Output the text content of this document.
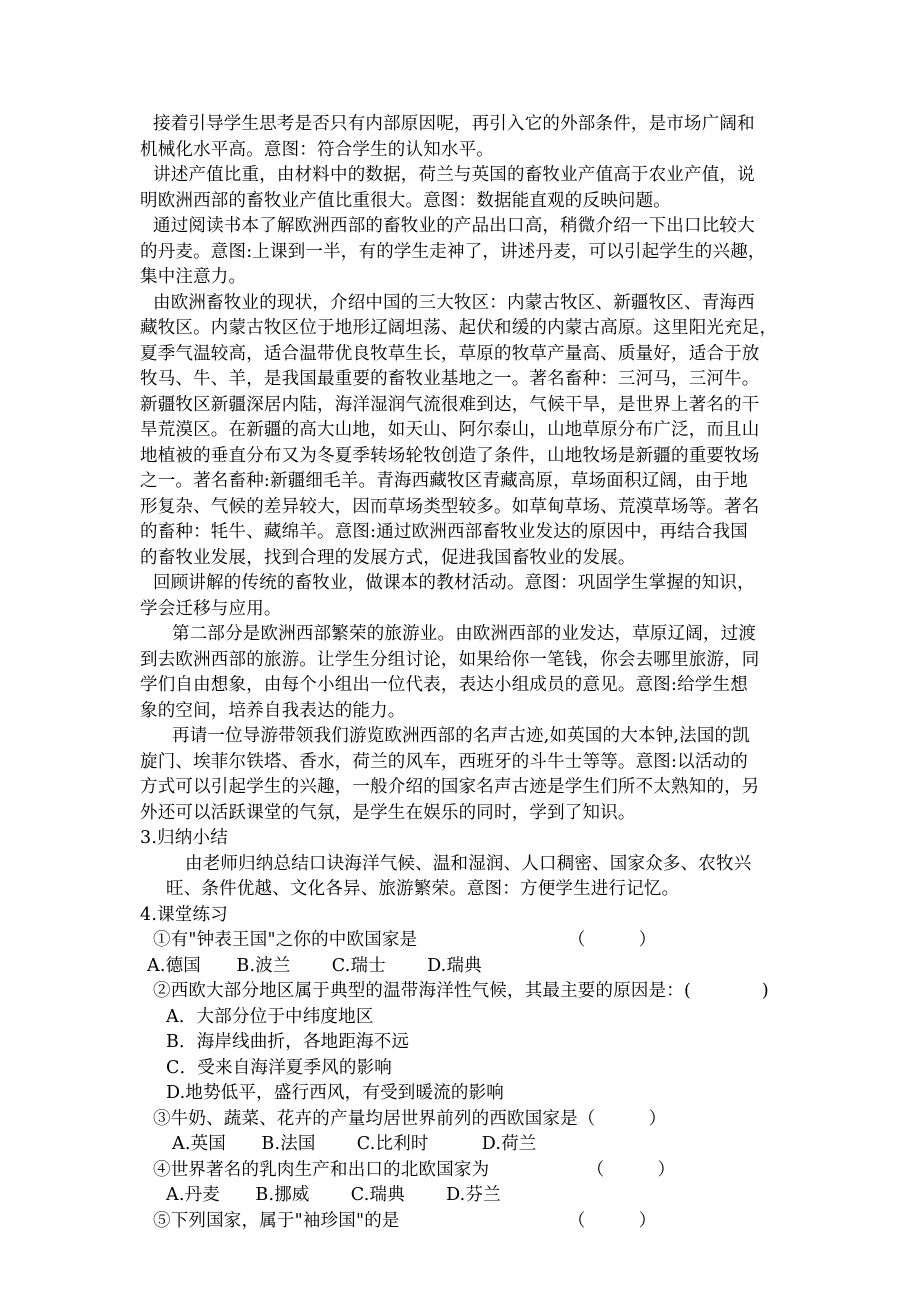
接着引导学生思考是否只有内部原因呢，再引入它的外部条件，是市场广阔和
机械化水平高。意图：符合学生的认知水平。
讲述产值比重，由材料中的数据，荷兰与英国的畜牧业产值高于农业产值，说
明欧洲西部的畜牧业产值比重很大。意图：数据能直观的反映问题。
通过阅读书本了解欧洲西部的畜牧业的产品出口高，稍微介绍一下出口比较大
的丹麦。意图:上课到一半，有的学生走神了，讲述丹麦，可以引起学生的兴趣，
集中注意力。
由欧洲畜牧业的现状，介绍中国的三大牧区：内蒙古牧区、新疆牧区、青海西
藏牧区。内蒙古牧区位于地形辽阔坦荡、起伏和缓的内蒙古高原。这里阳光充足，
夏季气温较高，适合温带优良牧草生长，草原的牧草产量高、质量好，适合于放
牧马、牛、羊，是我国最重要的畜牧业基地之一。著名畜种：三河马，三河牛。
新疆牧区新疆深居内陆，海洋湿润气流很难到达，气候干旱，是世界上著名的干
旱荒漠区。在新疆的高大山地，如天山、阿尔泰山，山地草原分布广泛，而且山
地植被的垂直分布又为冬夏季转场轮牧创造了条件，山地牧场是新疆的重要牧场
之一。著名畜种:新疆细毛羊。青海西藏牧区青藏高原，草场面积辽阔，由于地
形复杂、气候的差异较大，因而草场类型较多。如草甸草场、荒漠草场等。著名
的畜种：牦牛、藏绵羊。意图:通过欧洲西部畜牧业发达的原因中，再结合我国
的畜牧业发展，找到合理的发展方式，促进我国畜牧业的发展。
回顾讲解的传统的畜牧业，做课本的教材活动。意图：巩固学生掌握的知识，
学会迁移与应用。
第二部分是欧洲西部繁荣的旅游业。由欧洲西部的业发达，草原辽阔，过渡
到去欧洲西部的旅游。让学生分组讨论，如果给你一笔钱，你会去哪里旅游，同
学们自由想象，由每个小组出一位代表，表达小组成员的意见。意图:给学生想
象的空间，培养自我表达的能力。
再请一位导游带领我们游览欧洲西部的名声古迹,如英国的大本钟,法国的凯
旋门、埃菲尔铁塔、香水，荷兰的风车，西班牙的斗牛士等等。意图:以活动的
方式可以引起学生的兴趣，一般介绍的国家名声古迹是学生们所不太熟知的，另
外还可以活跃课堂的气氛，是学生在娱乐的同时，学到了知识。
3.归纳小结
由老师归纳总结口诀海洋气候、温和湿润、人口稠密、国家众多、农牧兴
旺、条件优越、文化各异、旅游繁荣。意图：方便学生进行记忆。
4.课堂练习
①有"钟表王国"之你的中欧国家是　　　　　　　　　（　　　）
A.德国　　B.波兰　　 C.瑞士　　 D.瑞典
②西欧大部分地区属于典型的温带海洋性气候，其最主要的原因是：(　　　　)
A．大部分位于中纬度地区
B．海岸线曲折，各地距海不远
C．受来自海洋夏季风的影响
D.地势低平，盛行西风，有受到暖流的影响
③牛奶、蔬菜、花卉的产量均居世界前列的西欧国家是（　　　）
A.英国　　B.法国　　 C.比利时　　　D.荷兰
④世界著名的乳肉生产和出口的北欧国家为　　　　　　（　　　）
A.丹麦　　B.挪威　　 C.瑞典　　 D.芬兰
⑤下列国家，属于"袖珍国"的是　　　　　　　　　　（　　　）
